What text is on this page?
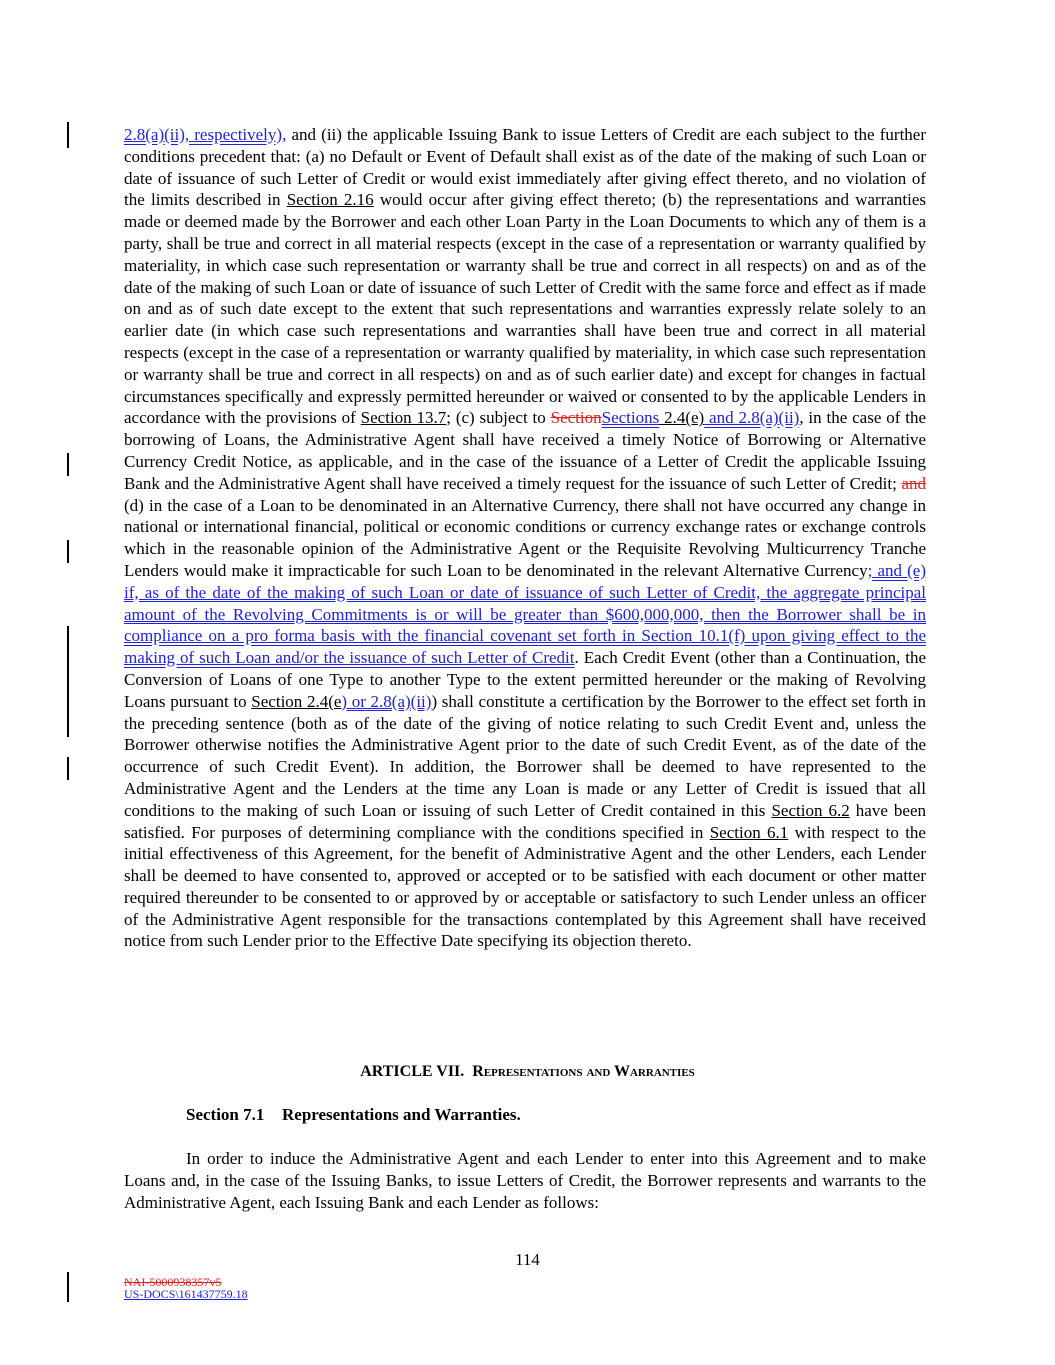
2.8(a)(ii), respectively), and (ii) the applicable Issuing Bank to issue Letters of Credit are each subject to the further conditions precedent that: (a) no Default or Event of Default shall exist as of the date of the making of such Loan or date of issuance of such Letter of Credit or would exist immediately after giving effect thereto, and no violation of the limits described in Section 2.16 would occur after giving effect thereto; (b) the representations and warranties made or deemed made by the Borrower and each other Loan Party in the Loan Documents to which any of them is a party, shall be true and correct in all material respects (except in the case of a representation or warranty qualified by materiality, in which case such representation or warranty shall be true and correct in all respects) on and as of the date of the making of such Loan or date of issuance of such Letter of Credit with the same force and effect as if made on and as of such date except to the extent that such representations and warranties expressly relate solely to an earlier date (in which case such representations and warranties shall have been true and correct in all material respects (except in the case of a representation or warranty qualified by materiality, in which case such representation or warranty shall be true and correct in all respects) on and as of such earlier date) and except for changes in factual circumstances specifically and expressly permitted hereunder or waived or consented to by the applicable Lenders in accordance with the provisions of Section 13.7; (c) subject to SectionSections 2.4(e) and 2.8(a)(ii), in the case of the borrowing of Loans, the Administrative Agent shall have received a timely Notice of Borrowing or Alternative Currency Credit Notice, as applicable, and in the case of the issuance of a Letter of Credit the applicable Issuing Bank and the Administrative Agent shall have received a timely request for the issuance of such Letter of Credit; and (d) in the case of a Loan to be denominated in an Alternative Currency, there shall not have occurred any change in national or international financial, political or economic conditions or currency exchange rates or exchange controls which in the reasonable opinion of the Administrative Agent or the Requisite Revolving Multicurrency Tranche Lenders would make it impracticable for such Loan to be denominated in the relevant Alternative Currency; and (e) if, as of the date of the making of such Loan or date of issuance of such Letter of Credit, the aggregate principal amount of the Revolving Commitments is or will be greater than $600,000,000, then the Borrower shall be in compliance on a pro forma basis with the financial covenant set forth in Section 10.1(f) upon giving effect to the making of such Loan and/or the issuance of such Letter of Credit. Each Credit Event (other than a Continuation, the Conversion of Loans of one Type to another Type to the extent permitted hereunder or the making of Revolving Loans pursuant to Section 2.4(e) or 2.8(a)(ii)) shall constitute a certification by the Borrower to the effect set forth in the preceding sentence (both as of the date of the giving of notice relating to such Credit Event and, unless the Borrower otherwise notifies the Administrative Agent prior to the date of such Credit Event, as of the date of the occurrence of such Credit Event). In addition, the Borrower shall be deemed to have represented to the Administrative Agent and the Lenders at the time any Loan is made or any Letter of Credit is issued that all conditions to the making of such Loan or issuing of such Letter of Credit contained in this Section 6.2 have been satisfied. For purposes of determining compliance with the conditions specified in Section 6.1 with respect to the initial effectiveness of this Agreement, for the benefit of Administrative Agent and the other Lenders, each Lender shall be deemed to have consented to, approved or accepted or to be satisfied with each document or other matter required thereunder to be consented to or approved by or acceptable or satisfactory to such Lender unless an officer of the Administrative Agent responsible for the transactions contemplated by this Agreement shall have received notice from such Lender prior to the Effective Date specifying its objection thereto.
ARTICLE VII. Representations and Warranties
Section 7.1 Representations and Warranties.
In order to induce the Administrative Agent and each Lender to enter into this Agreement and to make Loans and, in the case of the Issuing Banks, to issue Letters of Credit, the Borrower represents and warrants to the Administrative Agent, each Issuing Bank and each Lender as follows:
114
NAI-5000938357v5
US-DOCS\161437759.18
